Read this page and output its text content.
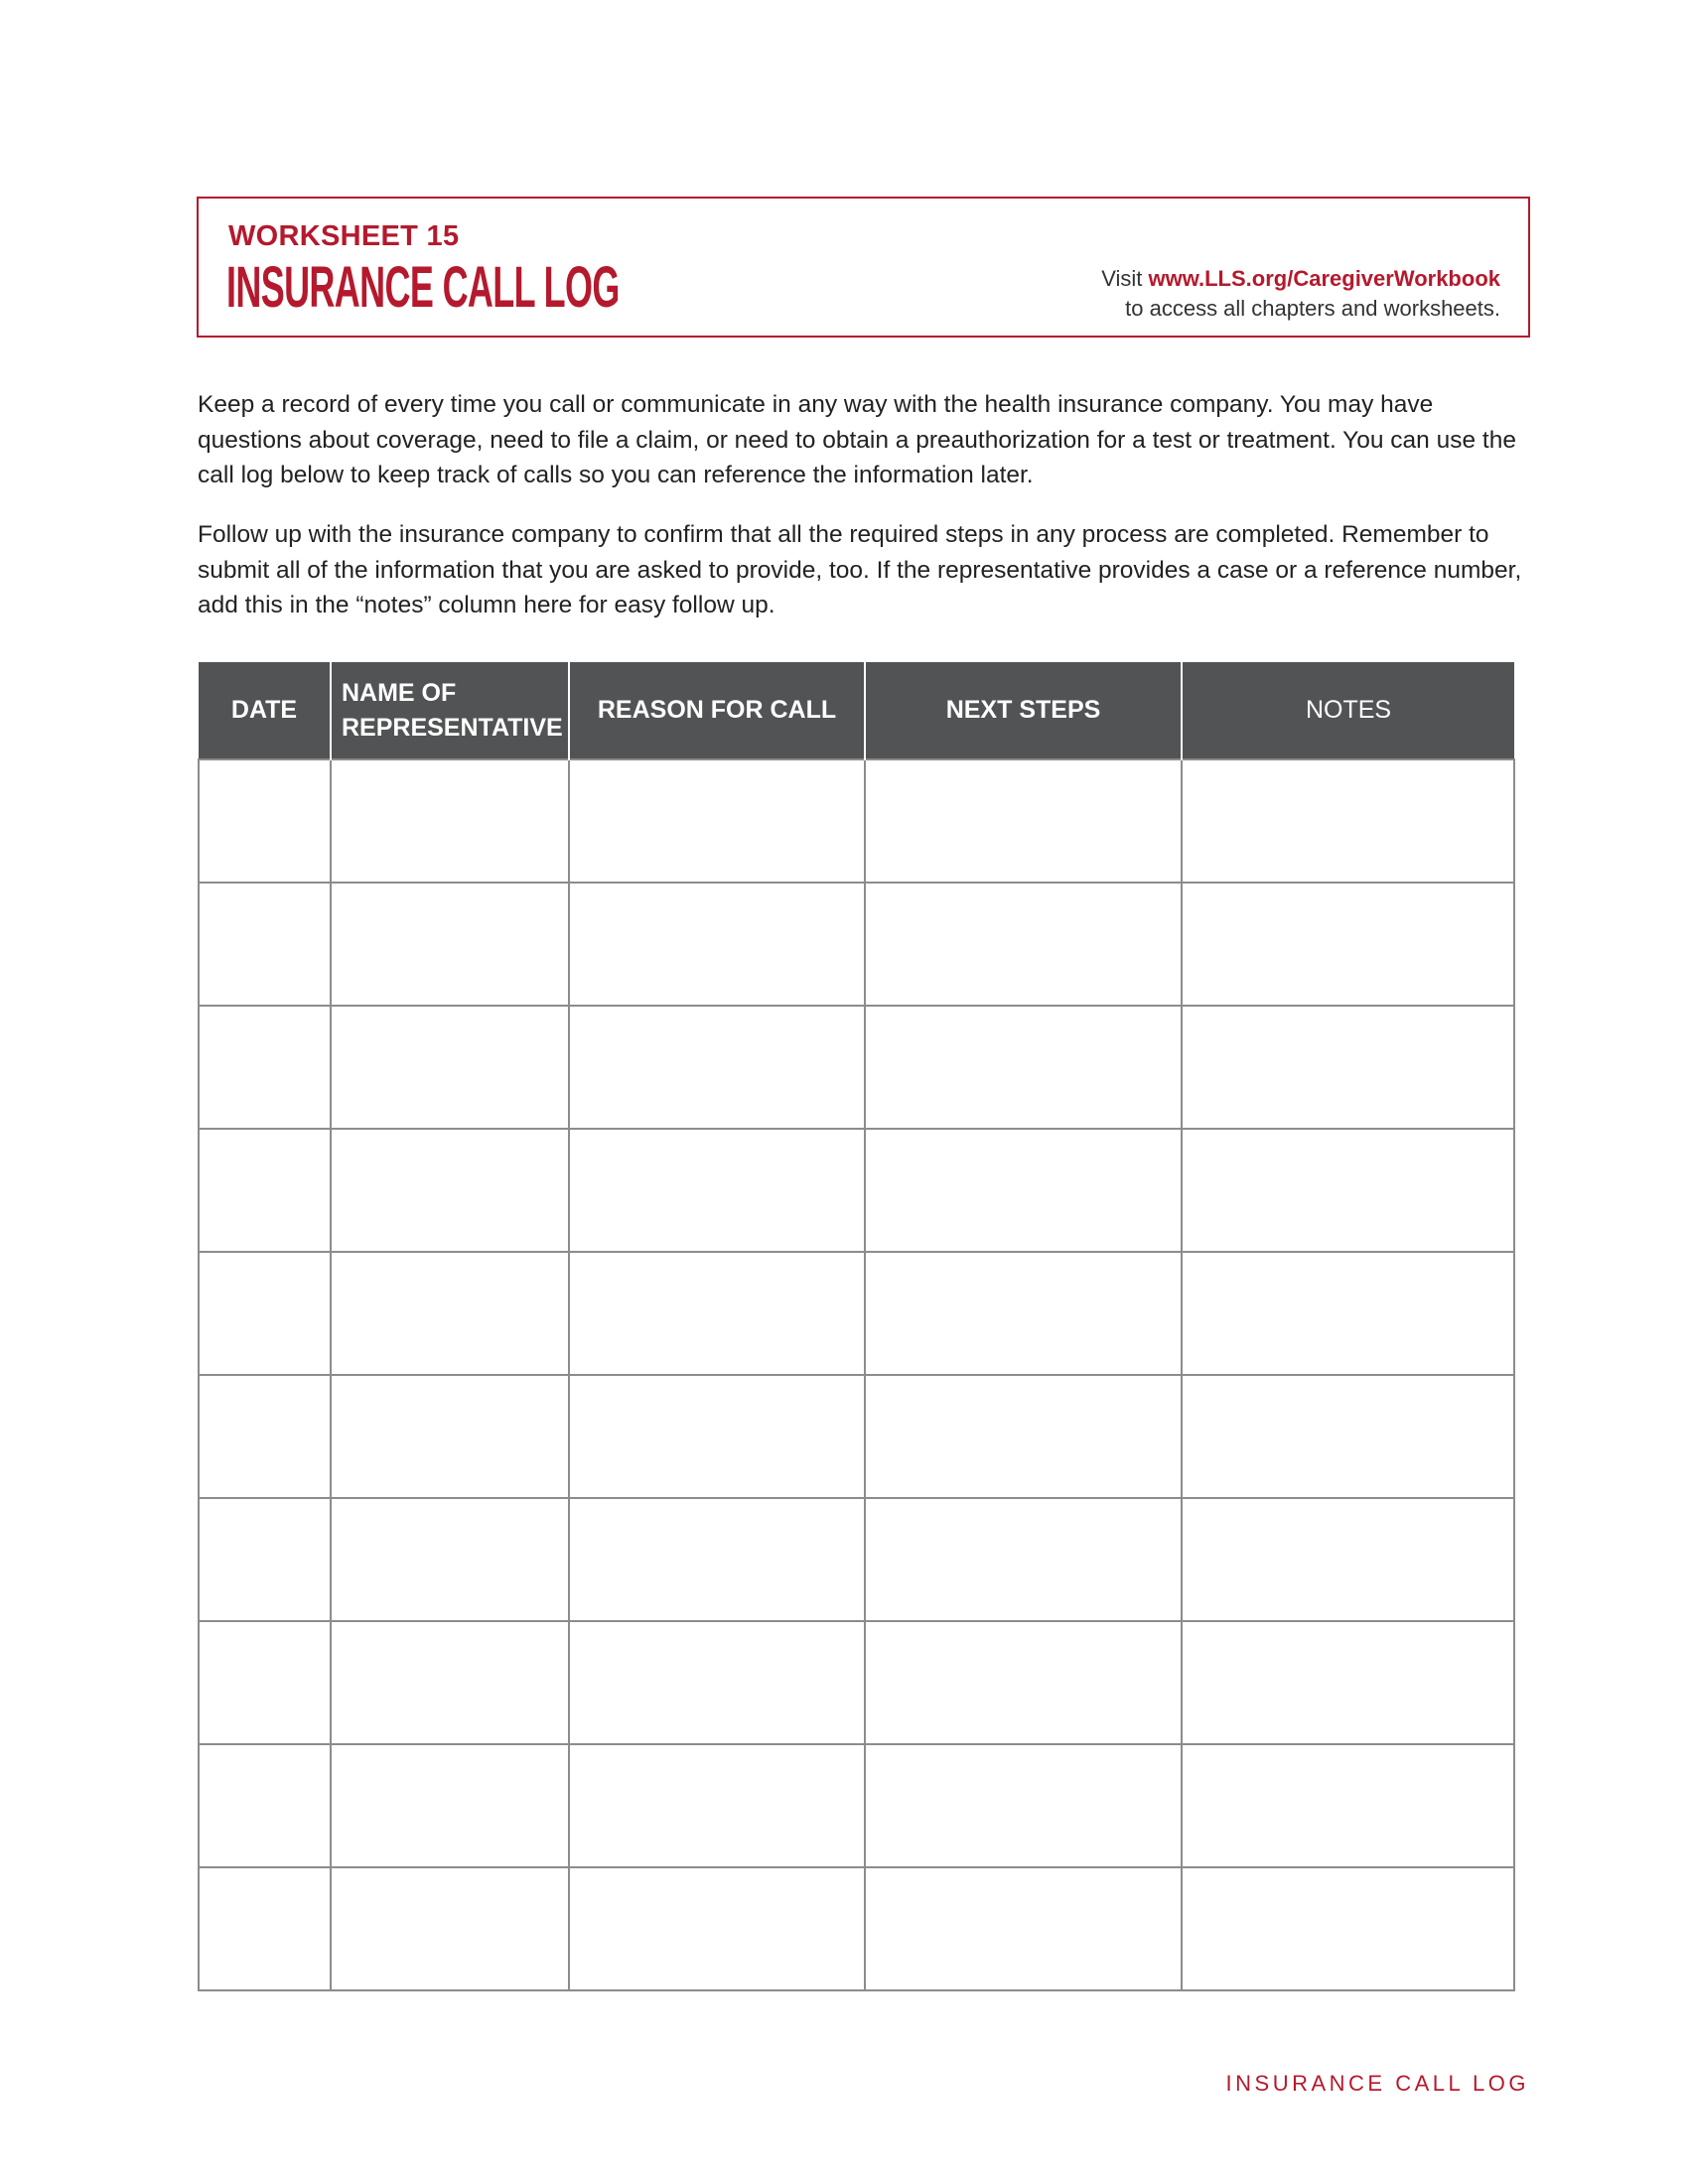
WORKSHEET 15
INSURANCE CALL LOG	Visit www.LLS.org/CaregiverWorkbook
to access all chapters and worksheets.

Keep a record of every time you call or communicate in any way with the health insurance company. You may have questions about coverage, need to file a claim, or need to obtain a preauthorization for a test or treatment. You can use the call log below to keep track of calls so you can reference the information later.

Follow up with the insurance company to confirm that all the required steps in any process are completed. Remember to submit all of the information that you are asked to provide, too. If the representative provides a case or a reference number, add this in the “notes” column here for easy follow up.

DATE	NAME OF REPRESENTATIVE	REASON FOR CALL	NEXT STEPS	NOTES

INSURANCE CALL LOG
